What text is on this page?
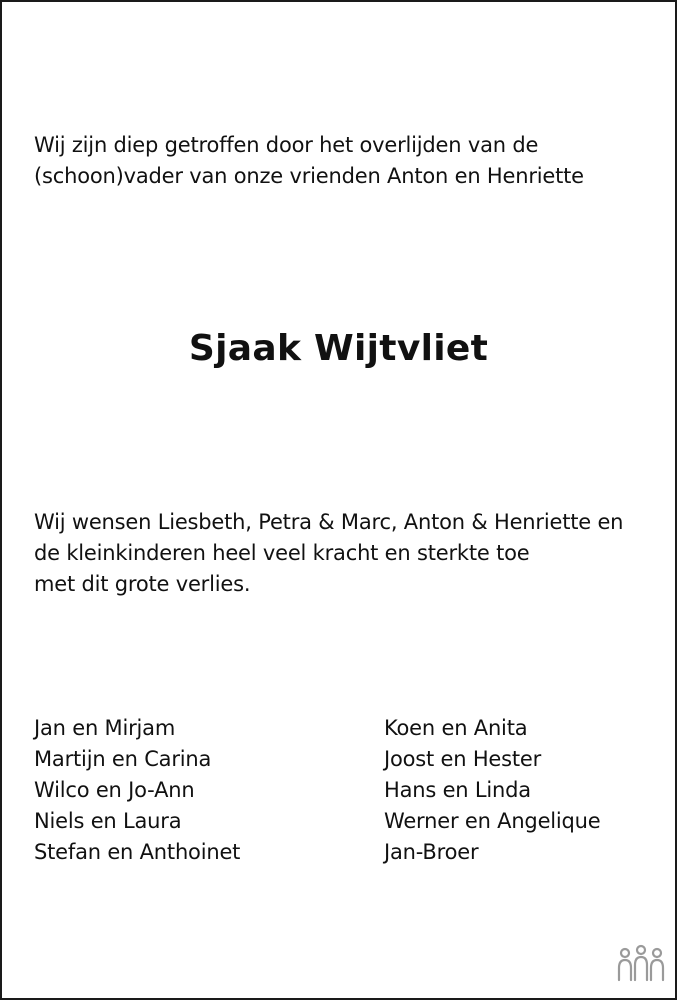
Wij zijn diep getroffen door het overlijden van de
(schoon)vader van onze vrienden Anton en Henriette
Sjaak Wijtvliet
Wij wensen Liesbeth, Petra & Marc, Anton & Henriette en
de kleinkinderen heel veel kracht en sterkte toe
met dit grote verlies.
Jan en Mirjam
Martijn en Carina
Wilco en Jo-Ann
Niels en Laura
Stefan en Anthoinet
Koen en Anita
Joost en Hester
Hans en Linda
Werner en Angelique
Jan-Broer
